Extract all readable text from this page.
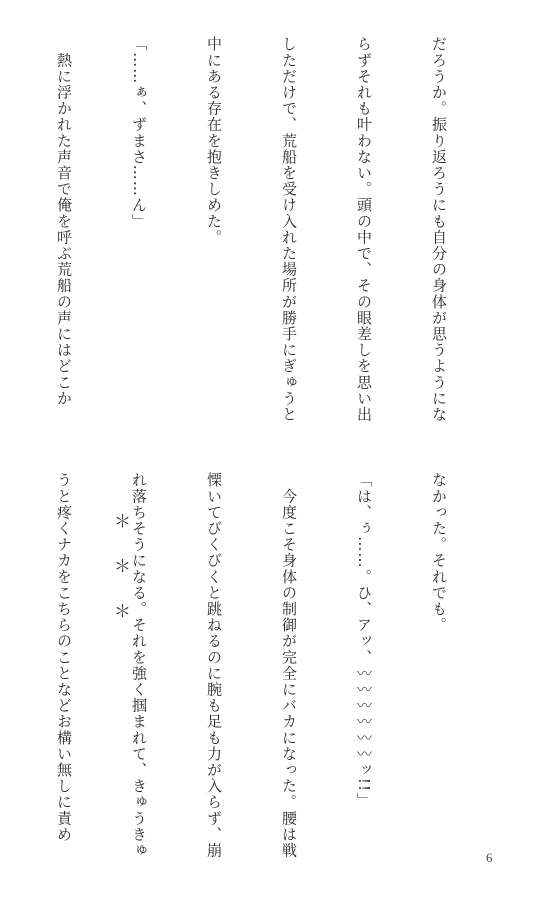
だろうか。振り返ろうにも自分の身体が思うようにな

らずそれも叶わない。頭の中で、その眼差しを思い出

しただけで、荒船を受け入れた場所が勝手にぎゅうと

中にある存在を抱きしめた。

「……ぁ、ずまさ……ん」

　熱に浮かれた声音で俺を呼ぶ荒船の声にはどこか

なかった。それでも。

「は、ぅ……。ひ、アッ、〰〰〰〰〰〰ッ!!」

　今度こそ身体の制御が完全にバカになった。腰は戦

慄いてびくびくと跳ねるのに腕も足も力が入らず、崩

れ落ちそうになる。それを強く掴まれて、きゅうきゅ

うと疼くナカをこちらのことなどお構い無しに責め

＊＊＊
6
